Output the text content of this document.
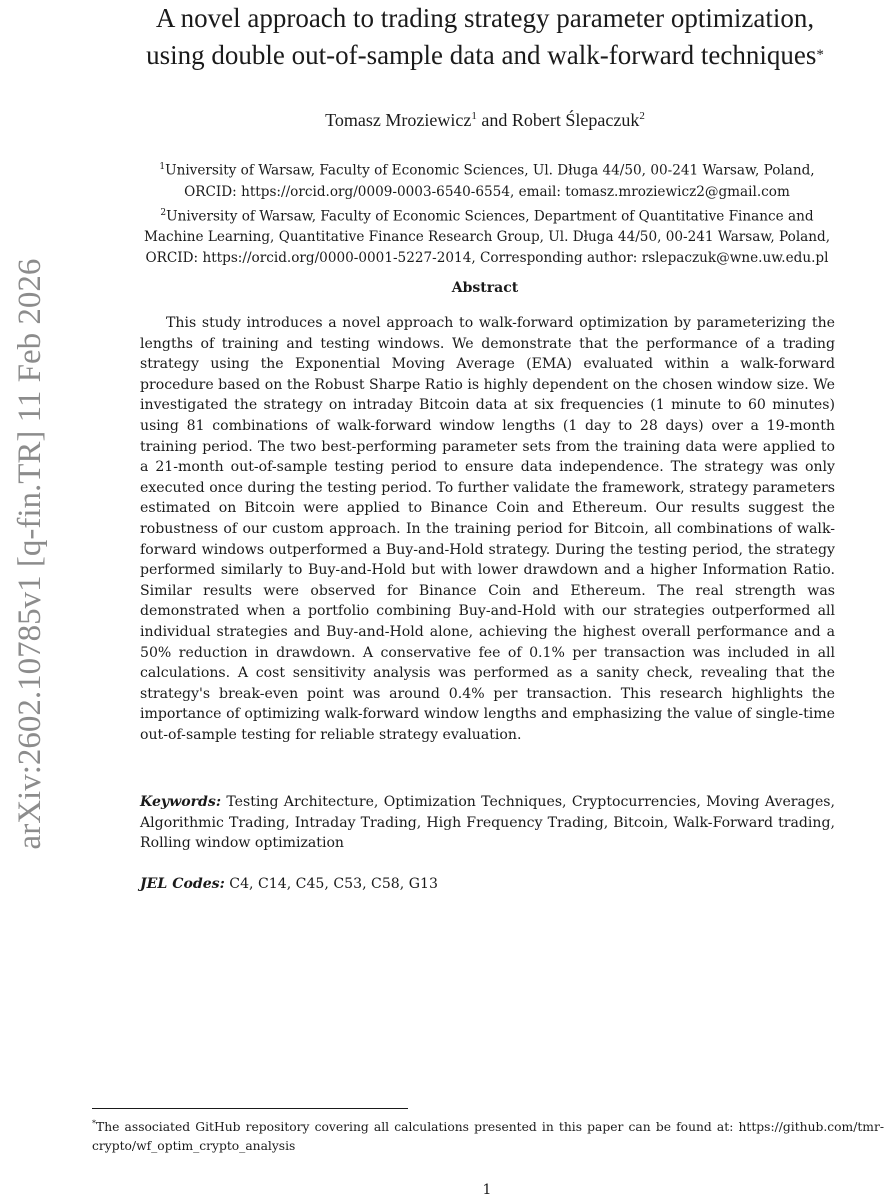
arXiv:2602.10785v1 [q-fin.TR] 11 Feb 2026
A novel approach to trading strategy parameter optimization,
using double out-of-sample data and walk-forward techniques*
Tomasz Mroziewicz$^1$ and Robert Ślepaczuk$^2$
$^1$University of Warsaw, Faculty of Economic Sciences, Ul. Długa 44/50, 00-241 Warsaw, Poland,
ORCID: https://orcid.org/0009-0003-6540-6554, email: tomasz.mroziewicz2@gmail.com
$^2$University of Warsaw, Faculty of Economic Sciences, Department of Quantitative Finance and
Machine Learning, Quantitative Finance Research Group, Ul. Długa 44/50, 00-241 Warsaw, Poland,
ORCID: https://orcid.org/0000-0001-5227-2014, Corresponding author: rslepaczuk@wne.uw.edu.pl
Abstract

This study introduces a novel approach to walk-forward optimization by parameterizing the lengths of training and testing windows. We demonstrate that the performance of a trading strategy using the Exponential Moving Average (EMA) evaluated within a walk-forward procedure based on the Robust Sharpe Ratio is highly dependent on the chosen window size. We investigated the strategy on intraday Bitcoin data at six frequencies (1 minute to 60 minutes) using 81 combinations of walk-forward window lengths (1 day to 28 days) over a 19-month training period. The two best-performing parameter sets from the training data were applied to a 21-month out-of-sample testing period to ensure data independence. The strategy was only executed once during the testing period. To further validate the framework, strategy parameters estimated on Bitcoin were applied to Binance Coin and Ethereum. Our results suggest the robustness of our custom approach. In the training period for Bitcoin, all combinations of walk-forward windows outperformed a Buy-and-Hold strategy. During the testing period, the strategy performed similarly to Buy-and-Hold but with lower drawdown and a higher Information Ratio. Similar results were observed for Binance Coin and Ethereum. The real strength was demonstrated when a portfolio combining Buy-and-Hold with our strategies outperformed all individual strategies and Buy-and-Hold alone, achieving the highest overall performance and a 50% reduction in drawdown. A conservative fee of 0.1% per transaction was included in all calculations. A cost sensitivity analysis was performed as a sanity check, revealing that the strategy's break-even point was around 0.4% per transaction. This research highlights the importance of optimizing walk-forward window lengths and emphasizing the value of single-time out-of-sample testing for reliable strategy evaluation.

Keywords: Testing Architecture, Optimization Techniques, Cryptocurrencies, Moving Averages, Algorithmic Trading, Intraday Trading, High Frequency Trading, Bitcoin, Walk-Forward trading, Rolling window optimization

JEL Codes: C4, C14, C45, C53, C58, G13

*The associated GitHub repository covering all calculations presented in this paper can be found at: https://github.com/tmr-crypto/wf_optim_crypto_analysis

1
